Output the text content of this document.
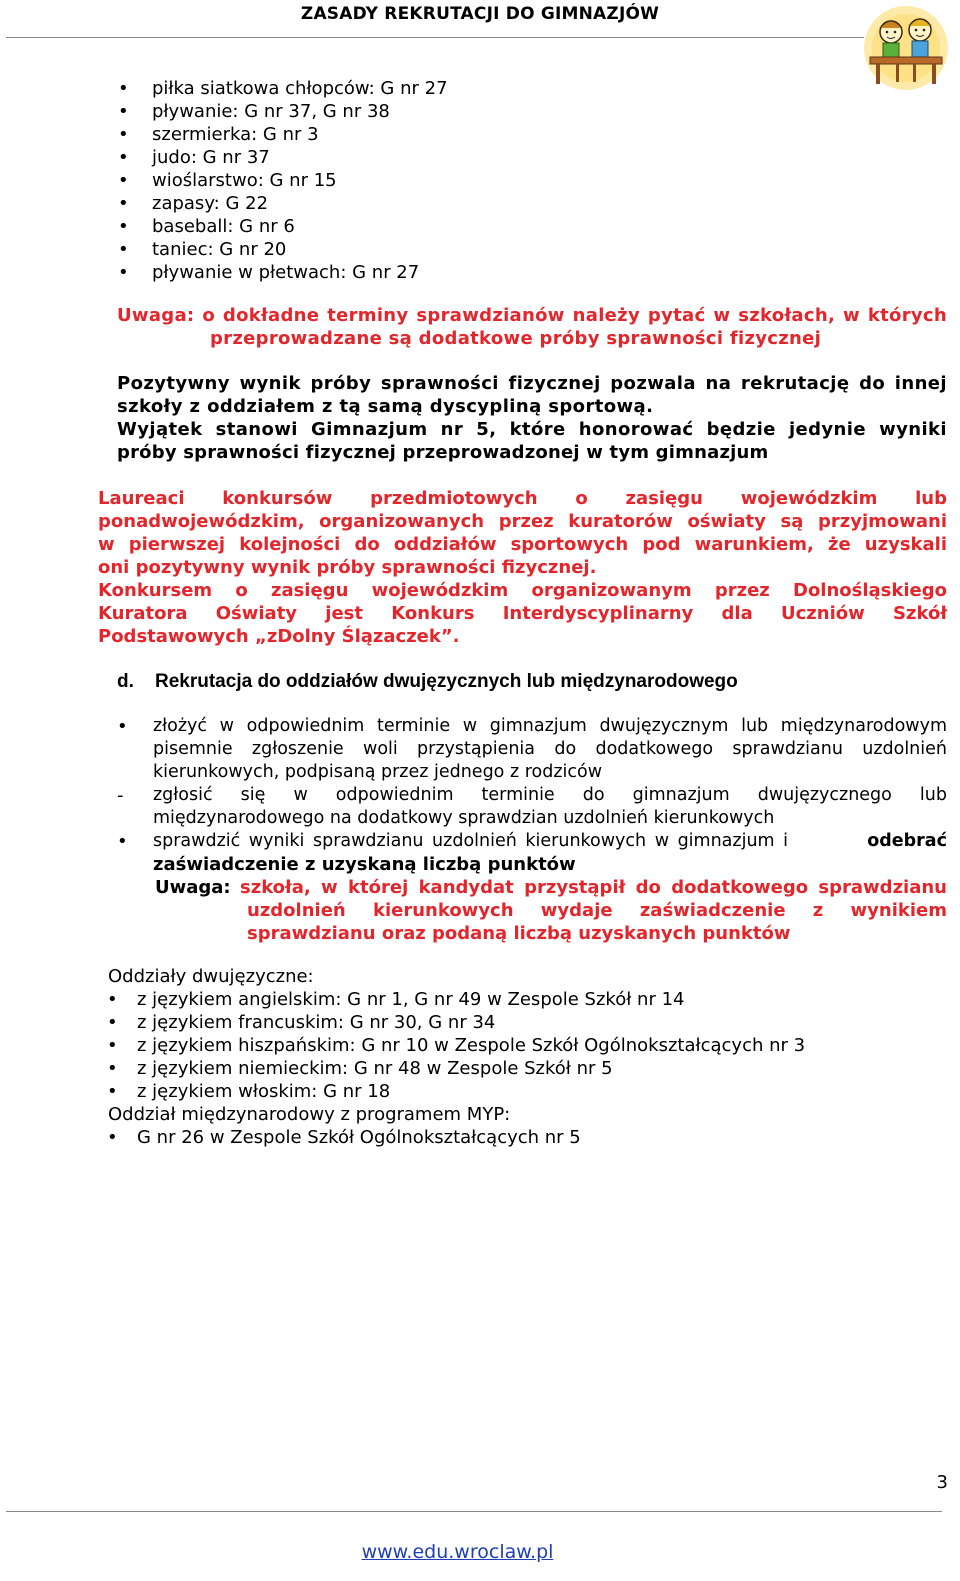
ZASADY REKRUTACJI DO GIMNAZJÓW
• piłka siatkowa chłopców: G nr 27
• pływanie: G nr 37, G nr 38
• szermierka: G nr 3
• judo: G nr 37
• wioślarstwo: G nr 15
• zapasy: G 22
• baseball: G nr 6
• taniec: G nr 20
• pływanie w płetwach: G nr 27
Uwaga: o dokładne terminy sprawdzianów należy pytać w szkołach, w których
przeprowadzane są dodatkowe próby sprawności fizycznej
Pozytywny wynik próby sprawności fizycznej pozwala na rekrutację do innej
szkoły z oddziałem z tą samą dyscypliną sportową.
Wyjątek stanowi Gimnazjum nr 5, które honorować będzie jedynie wyniki
próby sprawności fizycznej przeprowadzonej w tym gimnazjum
Laureaci konkursów przedmiotowych o zasięgu wojewódzkim lub
ponadwojewódzkim, organizowanych przez kuratorów oświaty są przyjmowani
w pierwszej kolejności do oddziałów sportowych pod warunkiem, że uzyskali
oni pozytywny wynik próby sprawności fizycznej.
Konkursem o zasięgu wojewódzkim organizowanym przez Dolnośląskiego
Kuratora Oświaty jest Konkurs Interdyscyplinarny dla Uczniów Szkół
Podstawowych „zDolny Ślązaczek”.
d. Rekrutacja do oddziałów dwujęzycznych lub międzynarodowego
• złożyć w odpowiednim terminie w gimnazjum dwujęzycznym lub międzynarodowym
pisemnie zgłoszenie woli przystąpienia do dodatkowego sprawdzianu uzdolnień
kierunkowych, podpisaną przez jednego z rodziców
- zgłosić się w odpowiednim terminie do gimnazjum dwujęzycznego lub
międzynarodowego na dodatkowy sprawdzian uzdolnień kierunkowych
• sprawdzić wyniki sprawdzianu uzdolnień kierunkowych w gimnazjum i	odebrać
zaświadczenie z uzyskaną liczbą punktów
Uwaga: szkoła, w której kandydat przystąpił do dodatkowego sprawdzianu
uzdolnień kierunkowych wydaje zaświadczenie z wynikiem
sprawdzianu oraz podaną liczbą uzyskanych punktów
Oddziały dwujęzyczne:
• z językiem angielskim: G nr 1, G nr 49 w Zespole Szkół nr 14
• z językiem francuskim: G nr 30, G nr 34
• z językiem hiszpańskim: G nr 10 w Zespole Szkół Ogólnokształcących nr 3
• z językiem niemieckim: G nr 48 w Zespole Szkół nr 5
• z językiem włoskim: G nr 18
Oddział międzynarodowy z programem MYP:
• G nr 26 w Zespole Szkół Ogólnokształcących nr 5
3
www.edu.wroclaw.pl
